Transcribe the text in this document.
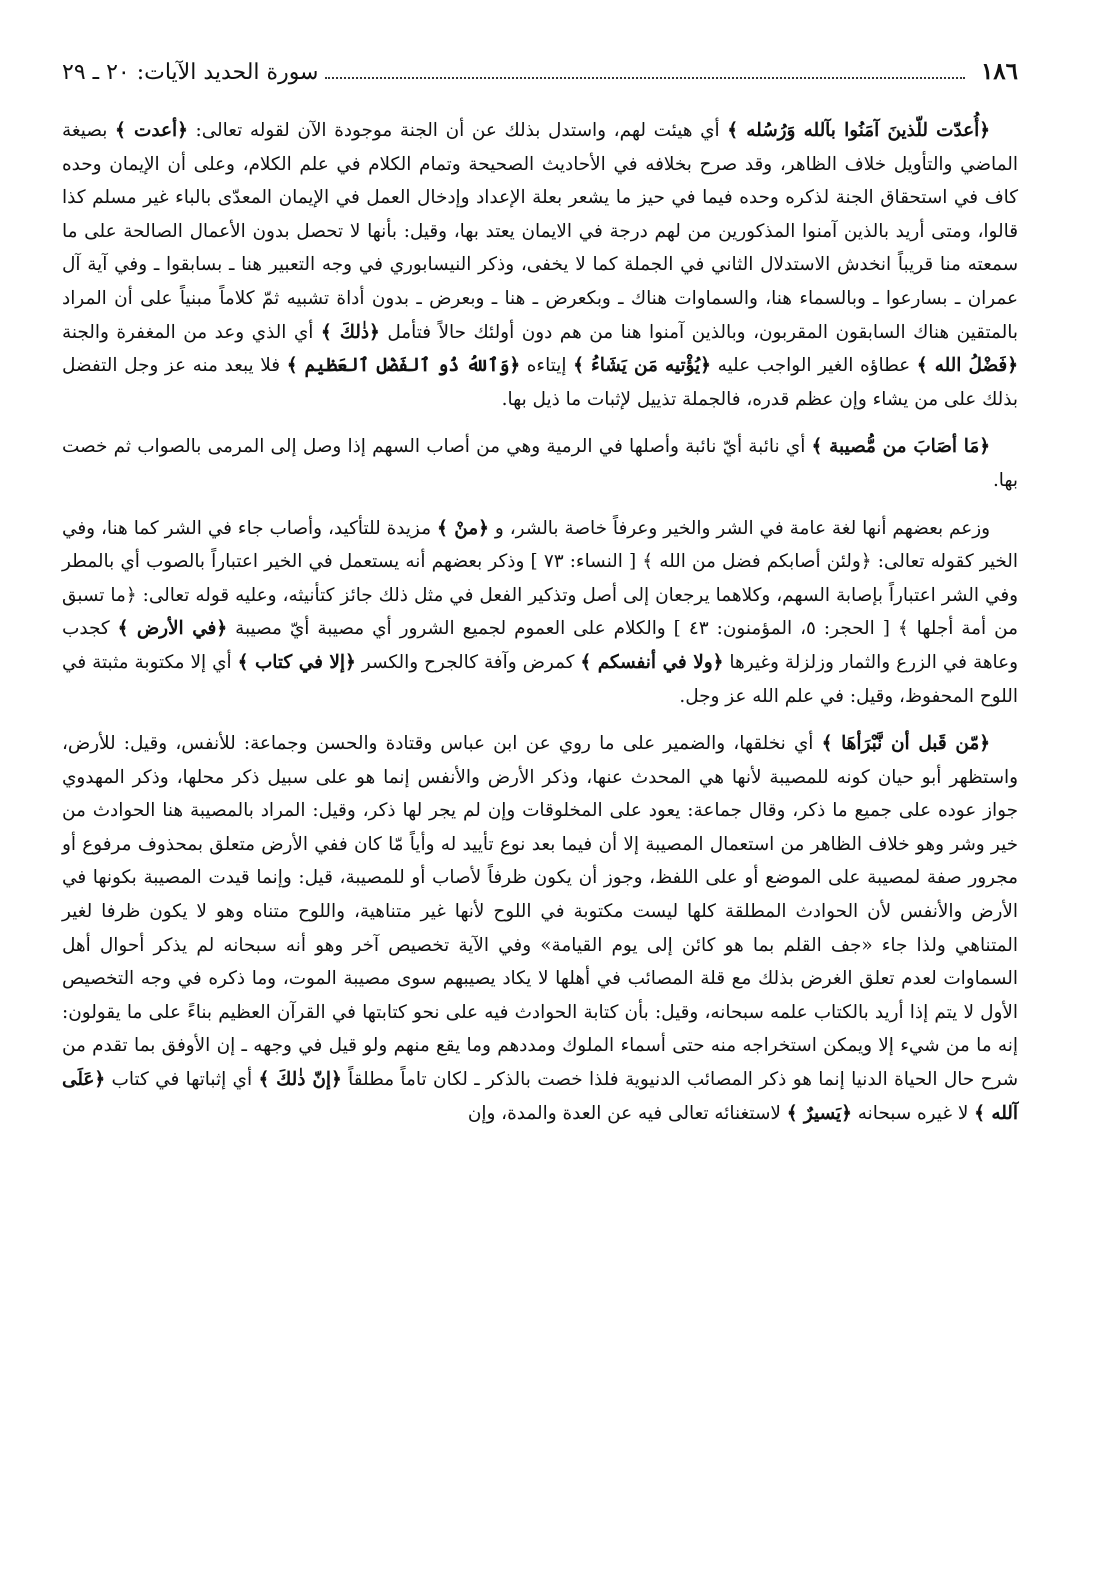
١٨٦
سورة الحديد الآيات: ٢٠ ـ ٢٩

﴿أُعدّت للّذينَ آمَنُوا بآلله وَرُسُله ﴾ أي هيئت لهم، واستدل بذلك عن أن الجنة موجودة الآن لقوله تعالى: ﴿أعدت ﴾ بصيغة الماضي والتأويل خلاف الظاهر، وقد صرح بخلافه في الأحاديث الصحيحة وتمام الكلام في علم الكلام، وعلى أن الإيمان وحده كاف في استحقاق الجنة لذكره وحده فيما في حيز ما يشعر بعلة الإعداد وإدخال العمل في الإيمان المعدّى بالباء غير مسلم كذا قالوا، ومتى أريد بالذين آمنوا المذكورين من لهم درجة في الايمان يعتد بها، وقيل: بأنها لا تحصل بدون الأعمال الصالحة على ما سمعته منا قريباً انخدش الاستدلال الثاني في الجملة كما لا يخفى، وذكر النيسابوري في وجه التعبير هنا ـ بسابقوا ـ وفي آية آل عمران ـ بسارعوا ـ وبالسماء هنا، والسماوات هناك ـ وبكعرض ـ هنا ـ وبعرض ـ بدون أداة تشبيه ثمّ كلاماً مبنياً على أن المراد بالمتقين هناك السابقون المقربون، وبالذين آمنوا هنا من هم دون أولئك حالاً فتأمل ﴿ذٰلكَ ﴾ أي الذي وعد من المغفرة والجنة ﴿فَضْلُ الله ﴾ عطاؤه الغير الواجب عليه ﴿يُؤْتيه مَن يَشَاءُ ﴾ إيتاءه ﴿وَٱللهُ ذُو ٱلفَضْل ٱلعَظيم ﴾ فلا يبعد منه عز وجل التفضل بذلك على من يشاء وإن عظم قدره، فالجملة تذييل لإثبات ما ذيل بها.

﴿مَا أصَابَ من مُّصيبة ﴾ أي نائبة أيّ نائبة وأصلها في الرمية وهي من أصاب السهم إذا وصل إلى المرمى بالصواب ثم خصت بها.

وزعم بعضهم أنها لغة عامة في الشر والخير وعرفاً خاصة بالشر، و ﴿منْ ﴾ مزيدة للتأكيد، وأصاب جاء في الشر كما هنا، وفي الخير كقوله تعالى: ﴿ولئن أصابكم فضل من الله ﴾ [ النساء: ٧٣ ] وذكر بعضهم أنه يستعمل في الخير اعتباراً بالصوب أي بالمطر وفي الشر اعتباراً بإصابة السهم، وكلاهما يرجعان إلى أصل وتذكير الفعل في مثل ذلك جائز كتأنيثه، وعليه قوله تعالى: ﴿ما تسبق من أمة أجلها ﴾ [ الحجر: ٥، المؤمنون: ٤٣ ] والكلام على العموم لجميع الشرور أي مصيبة أيّ مصيبة ﴿في الأرض ﴾ كجدب وعاهة في الزرع والثمار وزلزلة وغيرها ﴿ولا في أنفسكم ﴾ كمرض وآفة كالجرح والكسر ﴿إلا في كتاب ﴾ أي إلا مكتوبة مثبتة في اللوح المحفوظ، وقيل: في علم الله عز وجل.

﴿مّن قَبل أن نَّبْرَأهَا ﴾ أي نخلقها، والضمير على ما روي عن ابن عباس وقتادة والحسن وجماعة: للأنفس، وقيل: للأرض، واستظهر أبو حيان كونه للمصيبة لأنها هي المحدث عنها، وذكر الأرض والأنفس إنما هو على سبيل ذكر محلها، وذكر المهدوي جواز عوده على جميع ما ذكر، وقال جماعة: يعود على المخلوقات وإن لم يجر لها ذكر، وقيل: المراد بالمصيبة هنا الحوادث من خير وشر وهو خلاف الظاهر من استعمال المصيبة إلا أن فيما بعد نوع تأييد له وأياً مّا كان ففي الأرض متعلق بمحذوف مرفوع أو مجرور صفة لمصيبة على الموضع أو على اللفظ، وجوز أن يكون ظرفاً لأصاب أو للمصيبة، قيل: وإنما قيدت المصيبة بكونها في الأرض والأنفس لأن الحوادث المطلقة كلها ليست مكتوبة في اللوح لأنها غير متناهية، واللوح متناه وهو لا يكون ظرفا لغير المتناهي ولذا جاء «جف القلم بما هو كائن إلى يوم القيامة» وفي الآية تخصيص آخر وهو أنه سبحانه لم يذكر أحوال أهل السماوات لعدم تعلق الغرض بذلك مع قلة المصائب في أهلها لا يكاد يصيبهم سوى مصيبة الموت، وما ذكره في وجه التخصيص الأول لا يتم إذا أريد بالكتاب علمه سبحانه، وقيل: بأن كتابة الحوادث فيه على نحو كتابتها في القرآن العظيم بناءً على ما يقولون: إنه ما من شيء إلا ويمكن استخراجه منه حتى أسماء الملوك ومددهم وما يقع منهم ولو قيل في وجهه ـ إن الأوفق بما تقدم من شرح حال الحياة الدنيا إنما هو ذكر المصائب الدنيوية فلذا خصت بالذكر ـ لكان تاماً مطلقاً ﴿إنّ ذٰلكَ ﴾ أي إثباتها في كتاب ﴿عَلَى آلله ﴾ لا غيره سبحانه ﴿يَسيرٌ ﴾ لاستغنائه تعالى فيه عن العدة والمدة، وإن
